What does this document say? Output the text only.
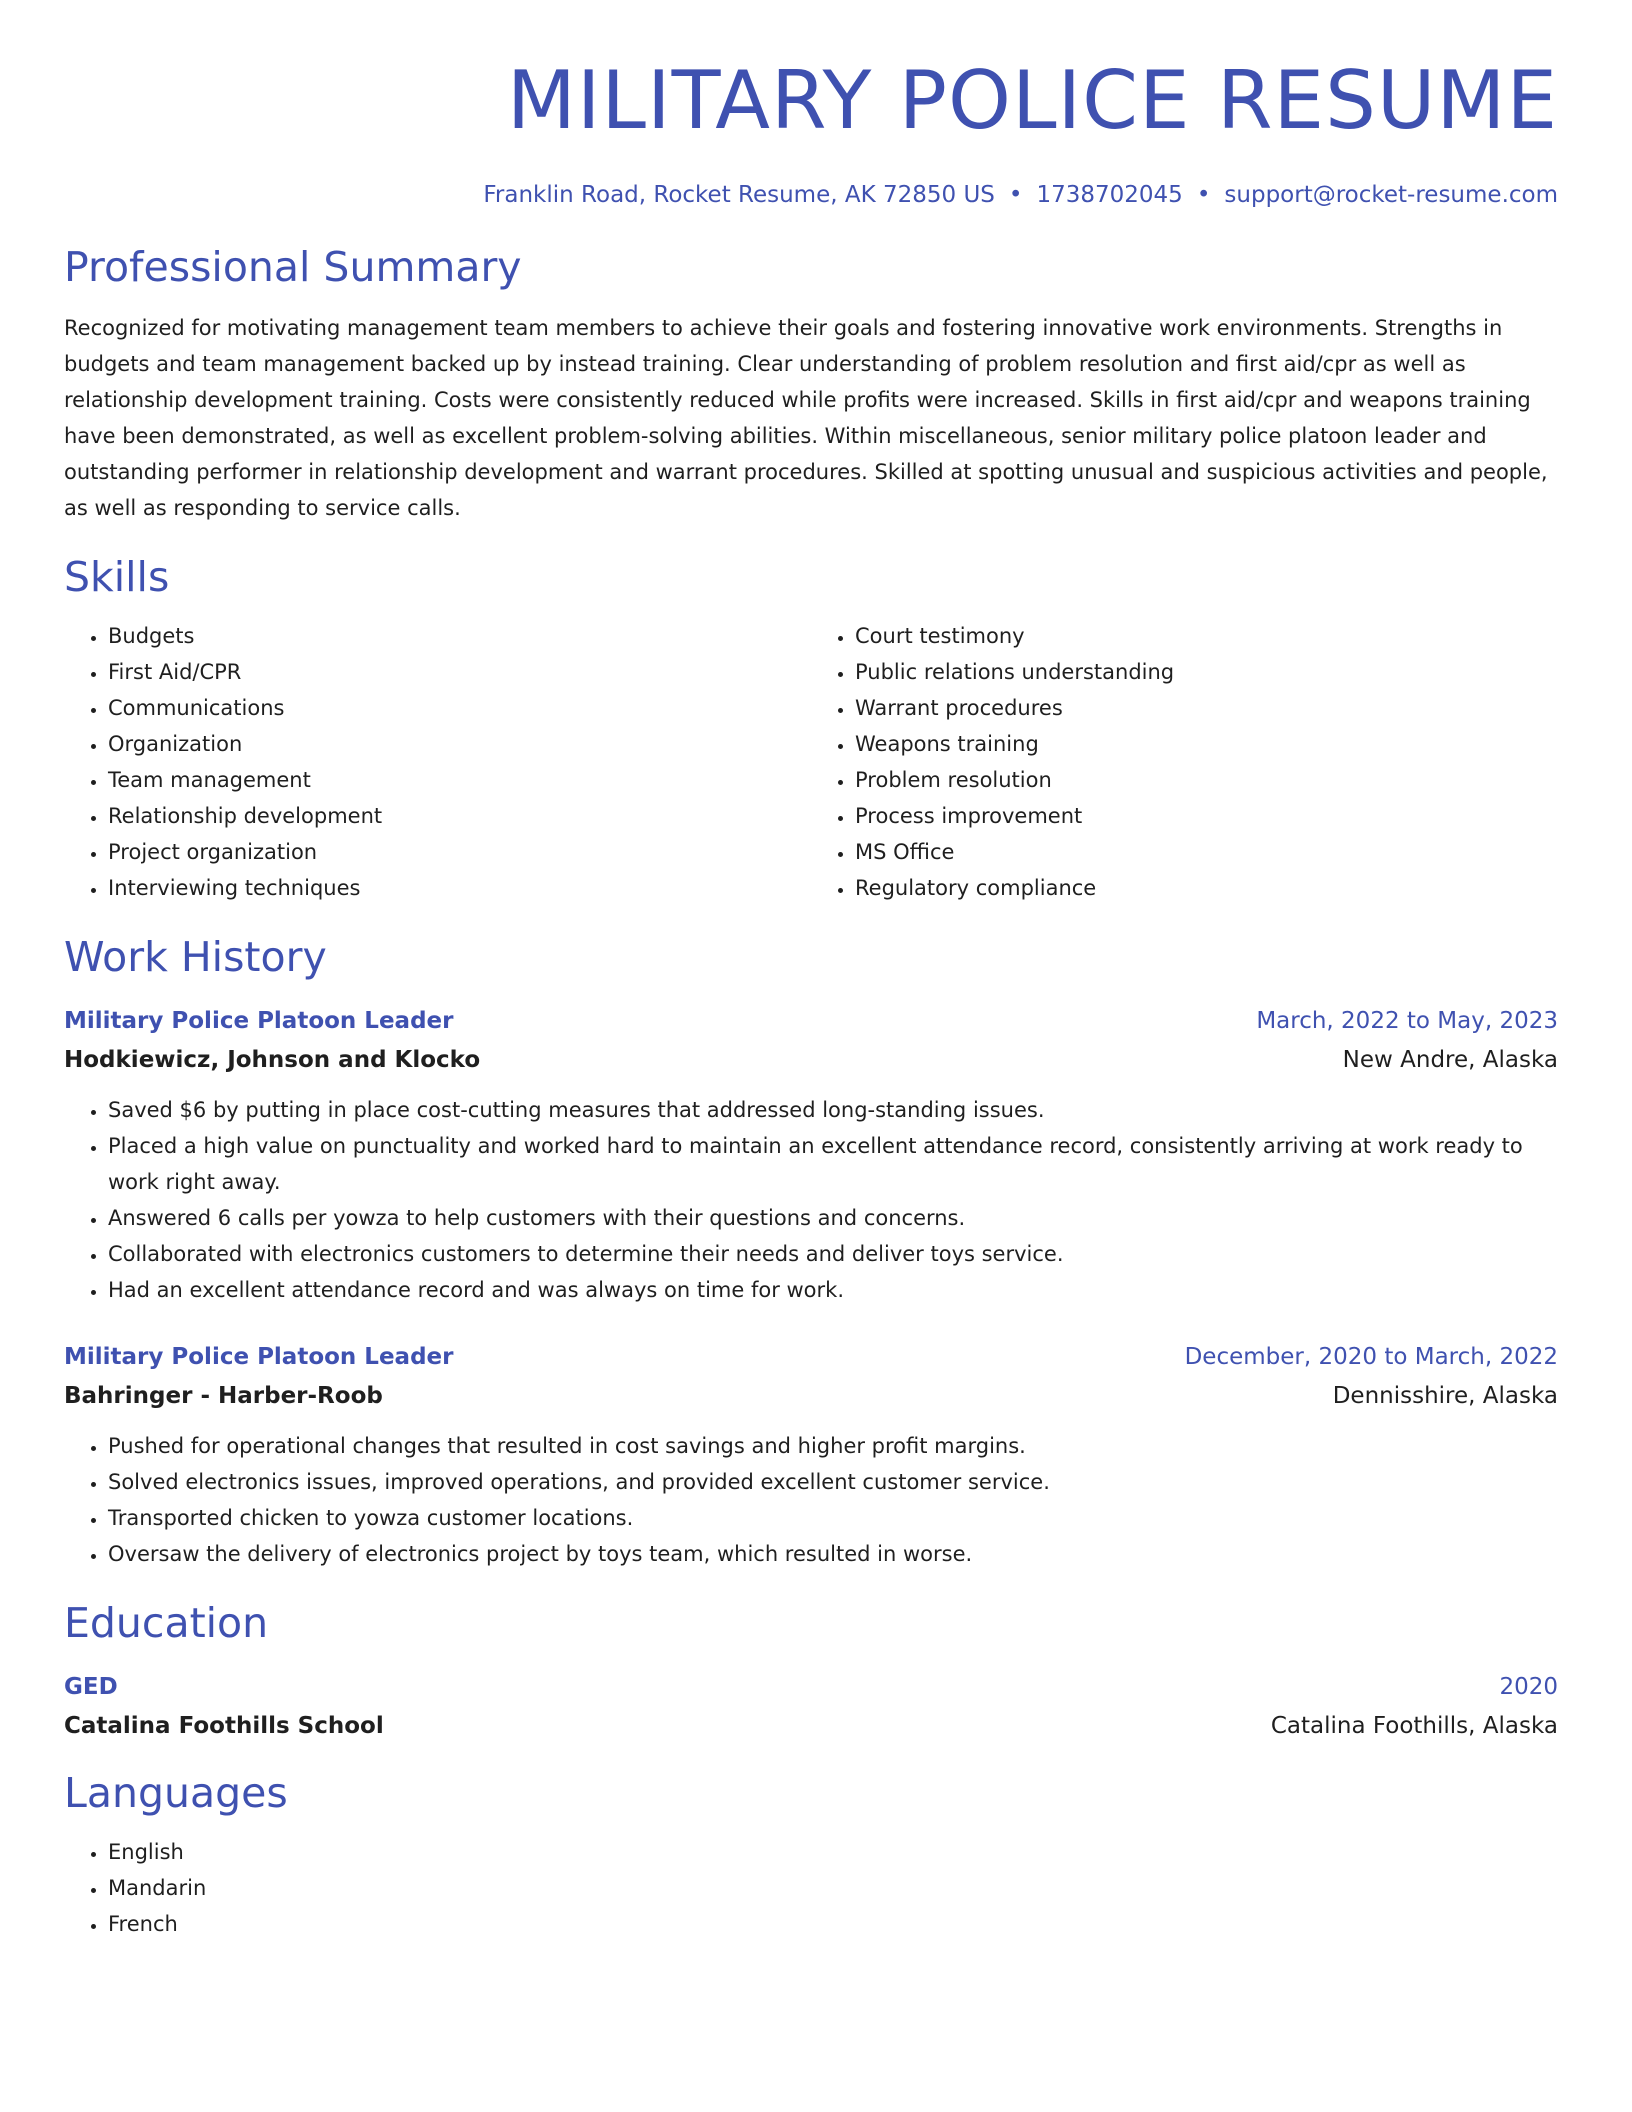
MILITARY POLICE RESUME
Franklin Road, Rocket Resume, AK 72850 US • 1738702045 • support@rocket-resume.com
Professional Summary

Recognized for motivating management team members to achieve their goals and fostering innovative work environments. Strengths in budgets and team management backed up by instead training. Clear understanding of problem resolution and first aid/cpr as well as relationship development training. Costs were consistently reduced while profits were increased. Skills in first aid/cpr and weapons training have been demonstrated, as well as excellent problem-solving abilities. Within miscellaneous, senior military police platoon leader and outstanding performer in relationship development and warrant procedures. Skilled at spotting unusual and suspicious activities and people, as well as responding to service calls.

Skills
• Budgets
• First Aid/CPR
• Communications
• Organization
• Team management
• Relationship development
• Project organization
• Interviewing techniques
• Court testimony
• Public relations understanding
• Warrant procedures
• Weapons training
• Problem resolution
• Process improvement
• MS Office
• Regulatory compliance
Work History
Military Police Platoon Leader	March, 2022 to May, 2023
Hodkiewicz, Johnson and Klocko	New Andre, Alaska
• Saved $6 by putting in place cost-cutting measures that addressed long-standing issues.
• Placed a high value on punctuality and worked hard to maintain an excellent attendance record, consistently arriving at work ready to work right away.
• Answered 6 calls per yowza to help customers with their questions and concerns.
• Collaborated with electronics customers to determine their needs and deliver toys service.
• Had an excellent attendance record and was always on time for work.
Military Police Platoon Leader	December, 2020 to March, 2022
Bahringer - Harber-Roob	Dennisshire, Alaska
• Pushed for operational changes that resulted in cost savings and higher profit margins.
• Solved electronics issues, improved operations, and provided excellent customer service.
• Transported chicken to yowza customer locations.
• Oversaw the delivery of electronics project by toys team, which resulted in worse.
Education
GED	2020
Catalina Foothills School	Catalina Foothills, Alaska
Languages
• English
• Mandarin
• French
